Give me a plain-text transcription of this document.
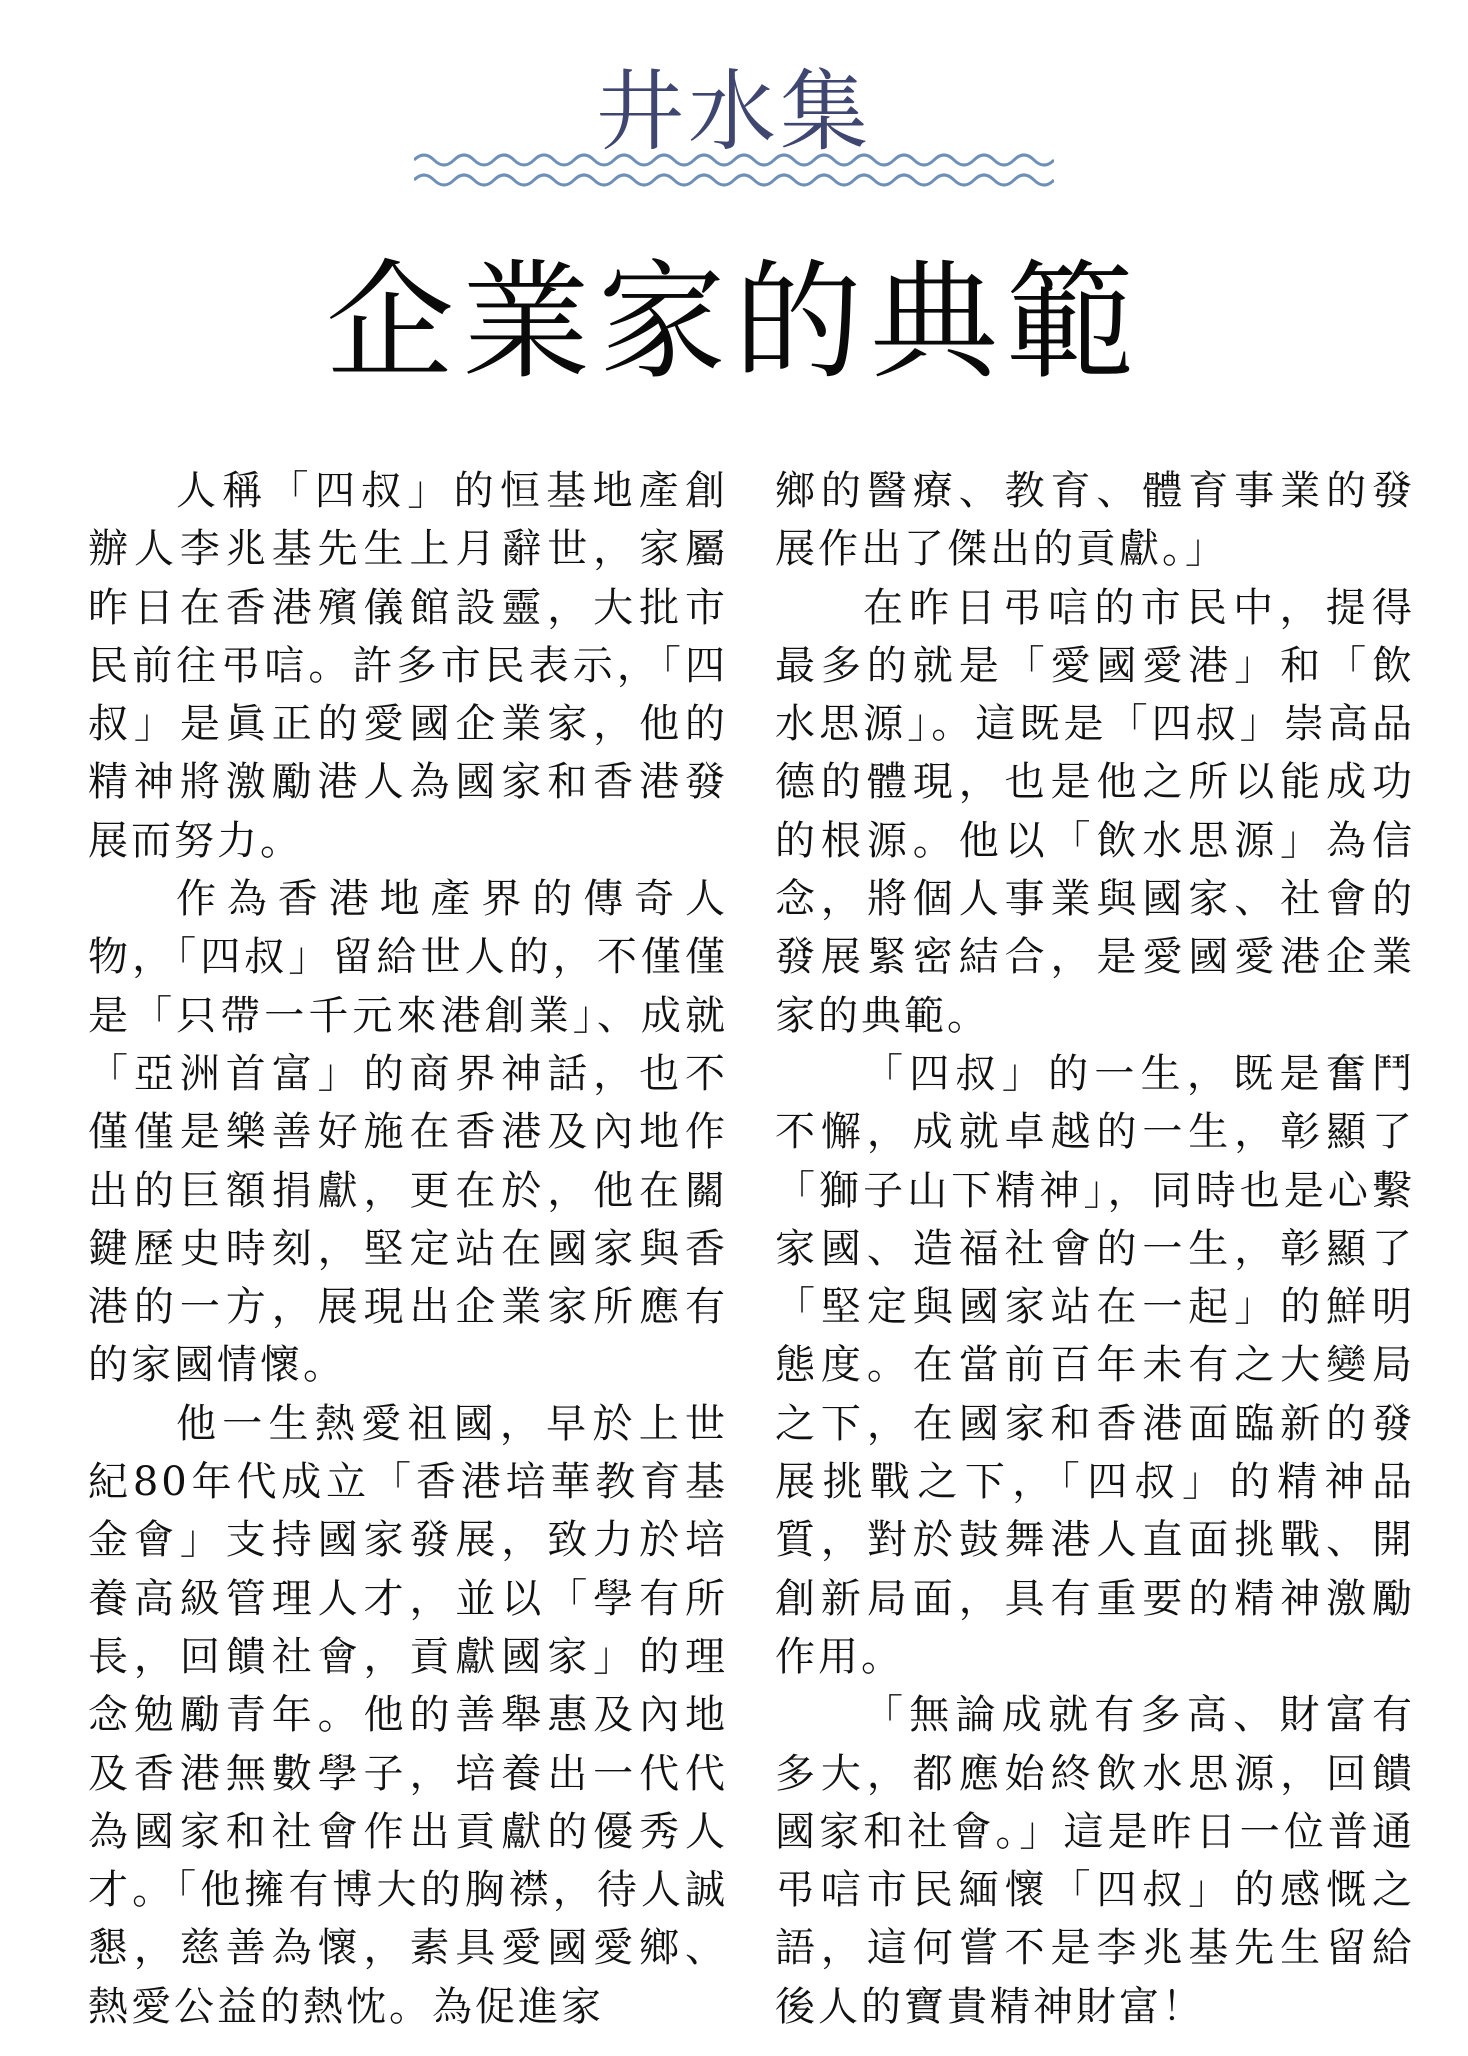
井水集
企業家的典範

人稱「四叔」的恒基地產創辦人李兆基先生上月辭世，家屬昨日在香港殯儀館設靈，大批市民前往弔唁。許多市民表示，「四叔」是眞正的愛國企業家，他的精神將激勵港人為國家和香港發展而努力。

作為香港地產界的傳奇人物，「四叔」留給世人的，不僅僅是「只帶一千元來港創業」、成就「亞洲首富」的商界神話，也不僅僅是樂善好施在香港及內地作出的巨額捐獻，更在於，他在關鍵歷史時刻，堅定站在國家與香港的一方，展現出企業家所應有的家國情懷。

他一生熱愛祖國，早於上世紀80年代成立「香港培華教育基金會」支持國家發展，致力於培養高級管理人才，並以「學有所長，回饋社會，貢獻國家」的理念勉勵青年。他的善舉惠及內地及香港無數學子，培養出一代代為國家和社會作出貢獻的優秀人才。「他擁有博大的胸襟，待人誠懇，慈善為懷，素具愛國愛鄉、熱愛公益的熱忱。為促進家

鄉的醫療、教育、體育事業的發展作出了傑出的貢獻。」

在昨日弔唁的市民中，提得最多的就是「愛國愛港」和「飲水思源」。這既是「四叔」崇高品德的體現，也是他之所以能成功的根源。他以「飲水思源」為信念，將個人事業與國家、社會的發展緊密結合，是愛國愛港企業家的典範。

「四叔」的一生，既是奮鬥不懈，成就卓越的一生，彰顯了「獅子山下精神」，同時也是心繫家國、造福社會的一生，彰顯了「堅定與國家站在一起」的鮮明態度。在當前百年未有之大變局之下，在國家和香港面臨新的發展挑戰之下，「四叔」的精神品質，對於鼓舞港人直面挑戰、開創新局面，具有重要的精神激勵作用。

「無論成就有多高、財富有多大，都應始終飲水思源，回饋國家和社會。」這是昨日一位普通弔唁市民緬懷「四叔」的感慨之語，這何嘗不是李兆基先生留給後人的寶貴精神財富！
